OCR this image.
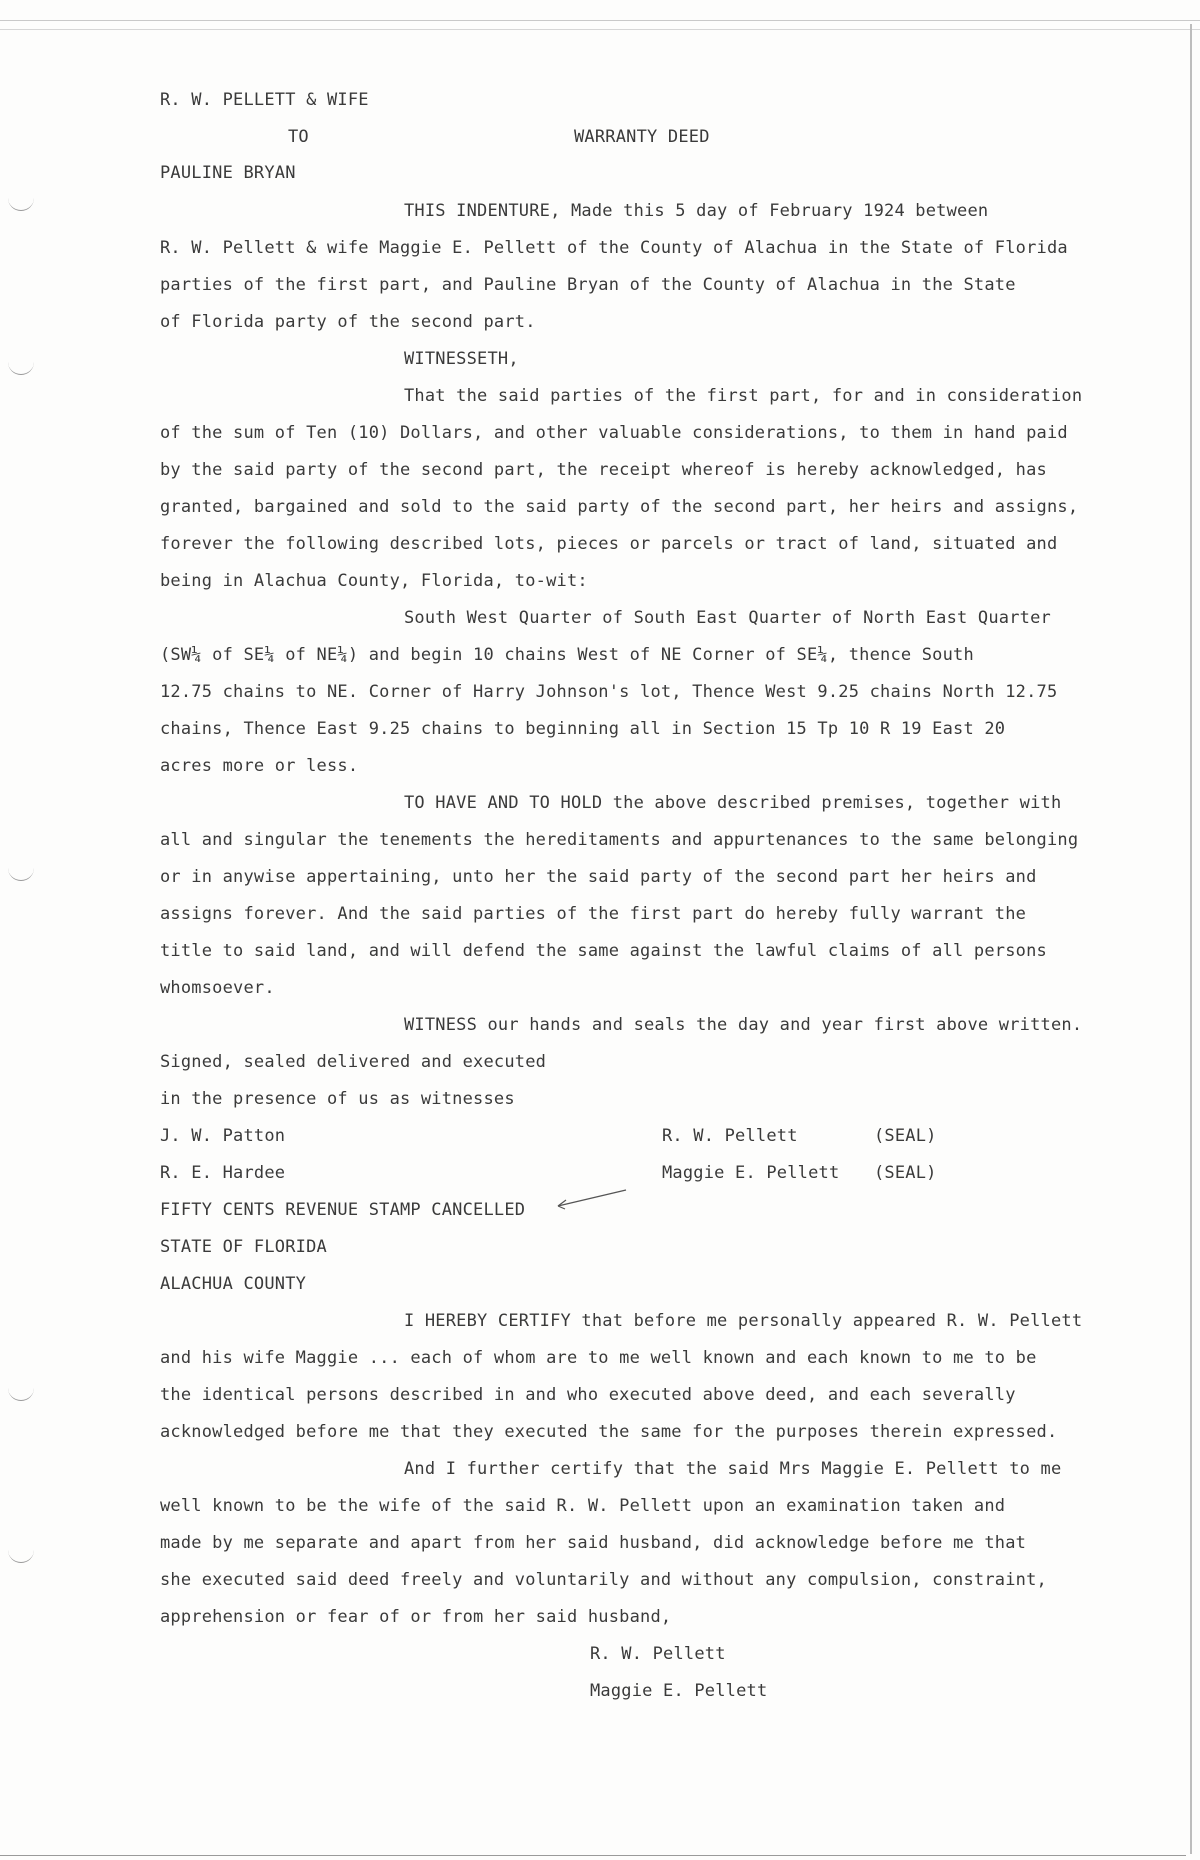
R. W. PELLETT & WIFE

TO	WARRANTY DEED

PAULINE BRYAN

THIS INDENTURE, Made this 5 day of February 1924 between

R. W. Pellett & wife Maggie E. Pellett of the County of Alachua in the State of Florida

parties of the first part, and Pauline Bryan of the County of Alachua in the State

of Florida party of the second part.

WITNESSETH,

That the said parties of the first part, for and in consideration

of the sum of Ten (10) Dollars, and other valuable considerations, to them in hand paid

by the said party of the second part, the receipt whereof is hereby acknowledged, has

granted, bargained and sold to the said party of the second part, her heirs and assigns,

forever the following described lots, pieces or parcels or tract of land, situated and

being in Alachua County, Florida, to-wit:

South West Quarter of South East Quarter of North East Quarter

(SW¼ of SE¼ of NE¼) and begin 10 chains West of NE Corner of SE¼, thence South

12.75 chains to NE. Corner of Harry Johnson's lot, Thence West 9.25 chains North 12.75

chains, Thence East 9.25 chains to beginning all in Section 15 Tp 10 R 19 East 20

acres more or less.

TO HAVE AND TO HOLD the above described premises, together with

all and singular the tenements the hereditaments and appurtenances to the same belonging

or in anywise appertaining, unto her the said party of the second part her heirs and

assigns forever. And the said parties of the first part do hereby fully warrant the

title to said land, and will defend the same against the lawful claims of all persons

whomsoever.

WITNESS our hands and seals the day and year first above written.

Signed, sealed delivered and executed

in the presence of us as witnesses

J. W. Patton	R. W. Pellett	(SEAL)

R. E. Hardee	Maggie E. Pellett (SEAL)

FIFTY CENTS REVENUE STAMP CANCELLED

STATE OF FLORIDA

ALACHUA COUNTY

I HEREBY CERTIFY that before me personally appeared R. W. Pellett

and his wife Maggie ... each of whom are to me well known and each known to me to be

the identical persons described in and who executed above deed, and each severally

acknowledged before me that they executed the same for the purposes therein expressed.

And I further certify that the said Mrs Maggie E. Pellett to me

well known to be the wife of the said R. W. Pellett upon an examination taken and

made by me separate and apart from her said husband, did acknowledge before me that

she executed said deed freely and voluntarily and without any compulsion, constraint,

apprehension or fear of or from her said husband,

R. W. Pellett

Maggie E. Pellett
